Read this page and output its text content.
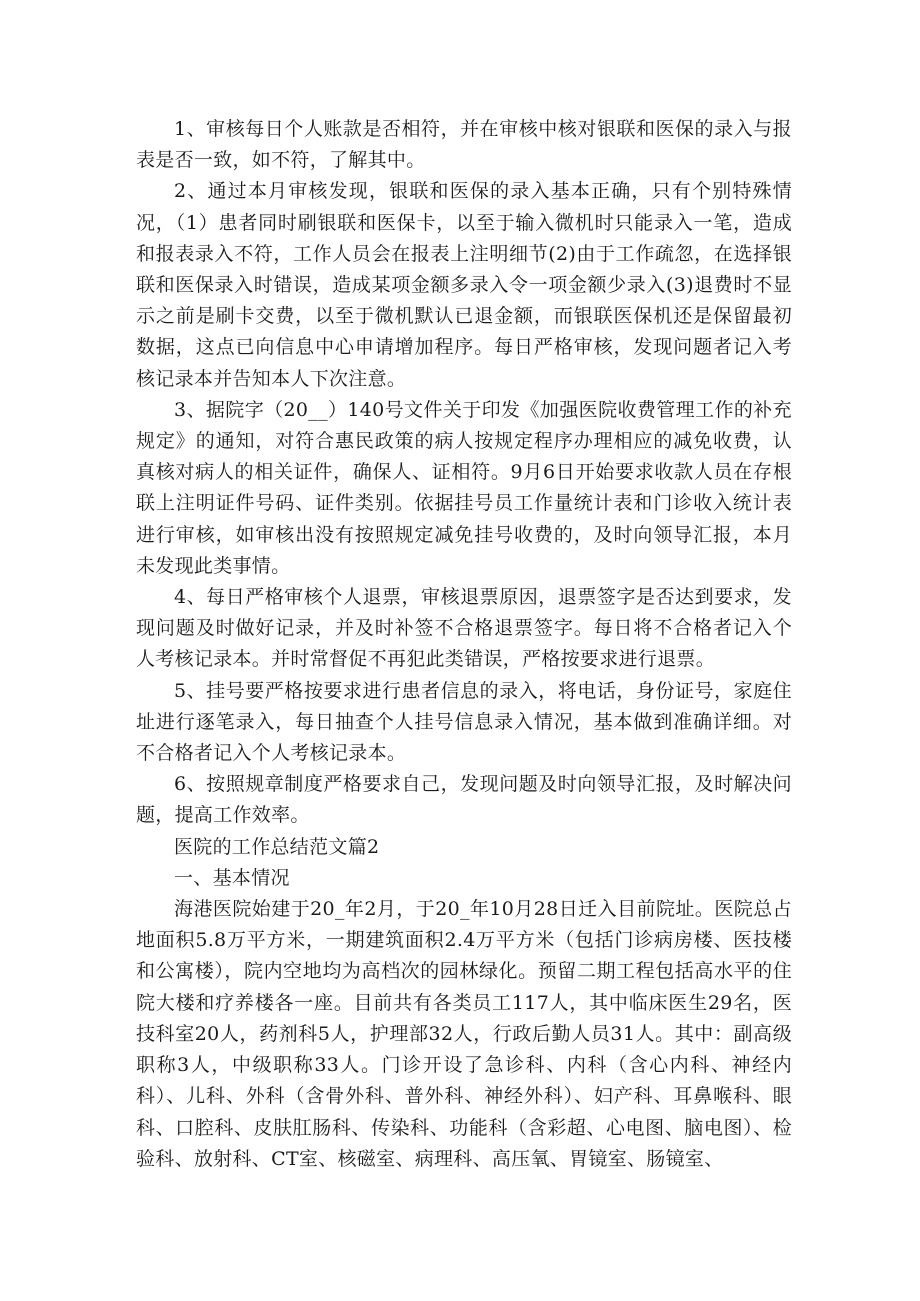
1、审核每日个人账款是否相符，并在审核中核对银联和医保的录入与报表是否一致，如不符，了解其中。

2、通过本月审核发现，银联和医保的录入基本正确，只有个别特殊情况，（1）患者同时刷银联和医保卡，以至于输入微机时只能录入一笔，造成和报表录入不符，工作人员会在报表上注明细节(2)由于工作疏忽，在选择银联和医保录入时错误，造成某项金额多录入令一项金额少录入(3)退费时不显示之前是刷卡交费，以至于微机默认已退金额，而银联医保机还是保留最初数据，这点已向信息中心申请增加程序。每日严格审核，发现问题者记入考核记录本并告知本人下次注意。

3、据院字（20__）140号文件关于印发《加强医院收费管理工作的补充规定》的通知，对符合惠民政策的病人按规定程序办理相应的减免收费，认真核对病人的相关证件，确保人、证相符。9月6日开始要求收款人员在存根联上注明证件号码、证件类别。依据挂号员工作量统计表和门诊收入统计表进行审核，如审核出没有按照规定减免挂号收费的，及时向领导汇报，本月未发现此类事情。

4、每日严格审核个人退票，审核退票原因，退票签字是否达到要求，发现问题及时做好记录，并及时补签不合格退票签字。每日将不合格者记入个人考核记录本。并时常督促不再犯此类错误，严格按要求进行退票。

5、挂号要严格按要求进行患者信息的录入，将电话，身份证号，家庭住址进行逐笔录入，每日抽查个人挂号信息录入情况，基本做到准确详细。对不合格者记入个人考核记录本。

6、按照规章制度严格要求自己，发现问题及时向领导汇报，及时解决问题，提高工作效率。

医院的工作总结范文篇2

一、基本情况

海港医院始建于20_年2月，于20_年10月28日迁入目前院址。医院总占地面积5.8万平方米，一期建筑面积2.4万平方米（包括门诊病房楼、医技楼和公寓楼），院内空地均为高档次的园林绿化。预留二期工程包括高水平的住院大楼和疗养楼各一座。目前共有各类员工117人，其中临床医生29名，医技科室20人，药剂科5人，护理部32人，行政后勤人员31人。其中：副高级职称3人，中级职称33人。门诊开设了急诊科、内科（含心内科、神经内科）、儿科、外科（含骨外科、普外科、神经外科）、妇产科、耳鼻喉科、眼科、口腔科、皮肤肛肠科、传染科、功能科（含彩超、心电图、脑电图）、检验科、放射科、CT室、核磁室、病理科、高压氧、胃镜室、肠镜室、
